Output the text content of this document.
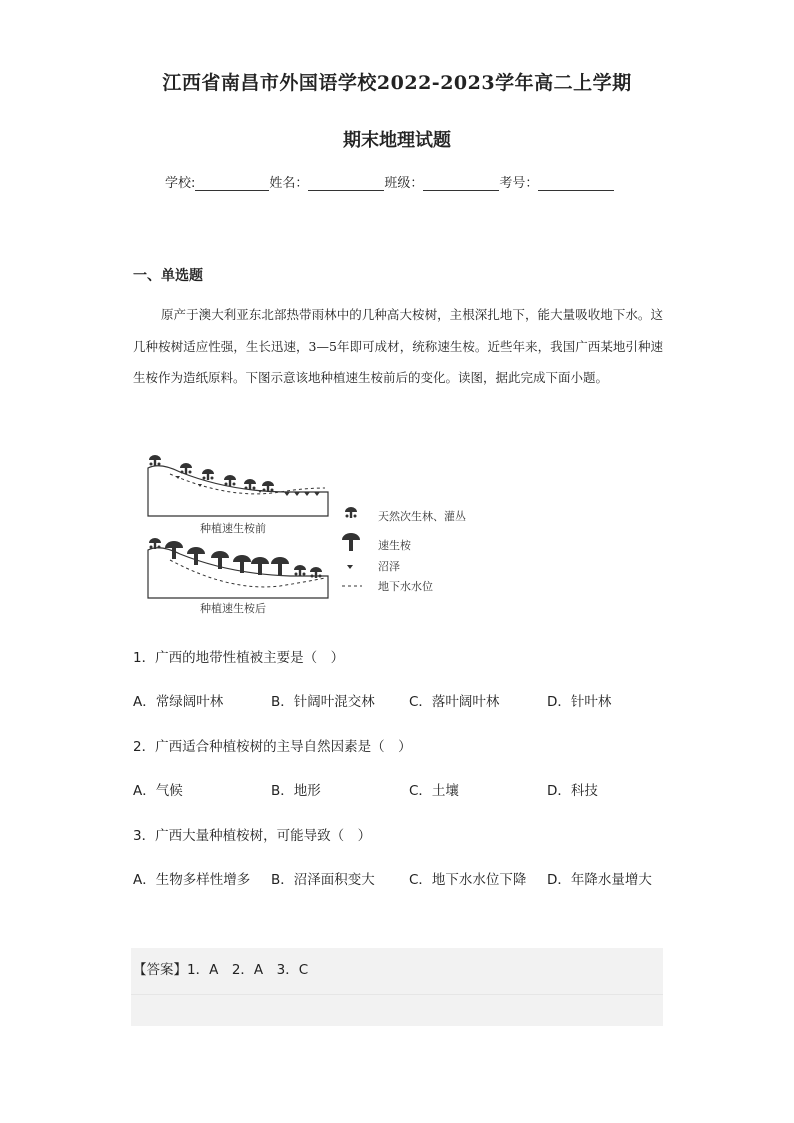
江西省南昌市外国语学校2022-2023学年高二上学期
期末地理试题
学校:	姓名：	班级：	考号：
一、单选题

原产于澳大利亚东北部热带雨林中的几种高大桉树，主根深扎地下，能大量吸收地下水。这几种桉树适应性强，生长迅速，3—5年即可成材，统称速生桉。近些年来，我国广西某地引种速生桉作为造纸原料。下图示意该地种植速生桉前后的变化。读图，据此完成下面小题。

种植速生桉前
种植速生桉后
天然次生林、灌丛
速生桉
沼泽
地下水水位
1．广西的地带性植被主要是（　）
A．常绿阔叶林	B．针阔叶混交林	C．落叶阔叶林	D．针叶林
2．广西适合种植桉树的主导自然因素是（　）
A．气候	B．地形	C．土壤	D．科技
3．广西大量种植桉树，可能导致（　）
A．生物多样性增多	B．沼泽面积变大	C．地下水水位下降	D．年降水量增大
【答案】1．A　2．A　3．C
